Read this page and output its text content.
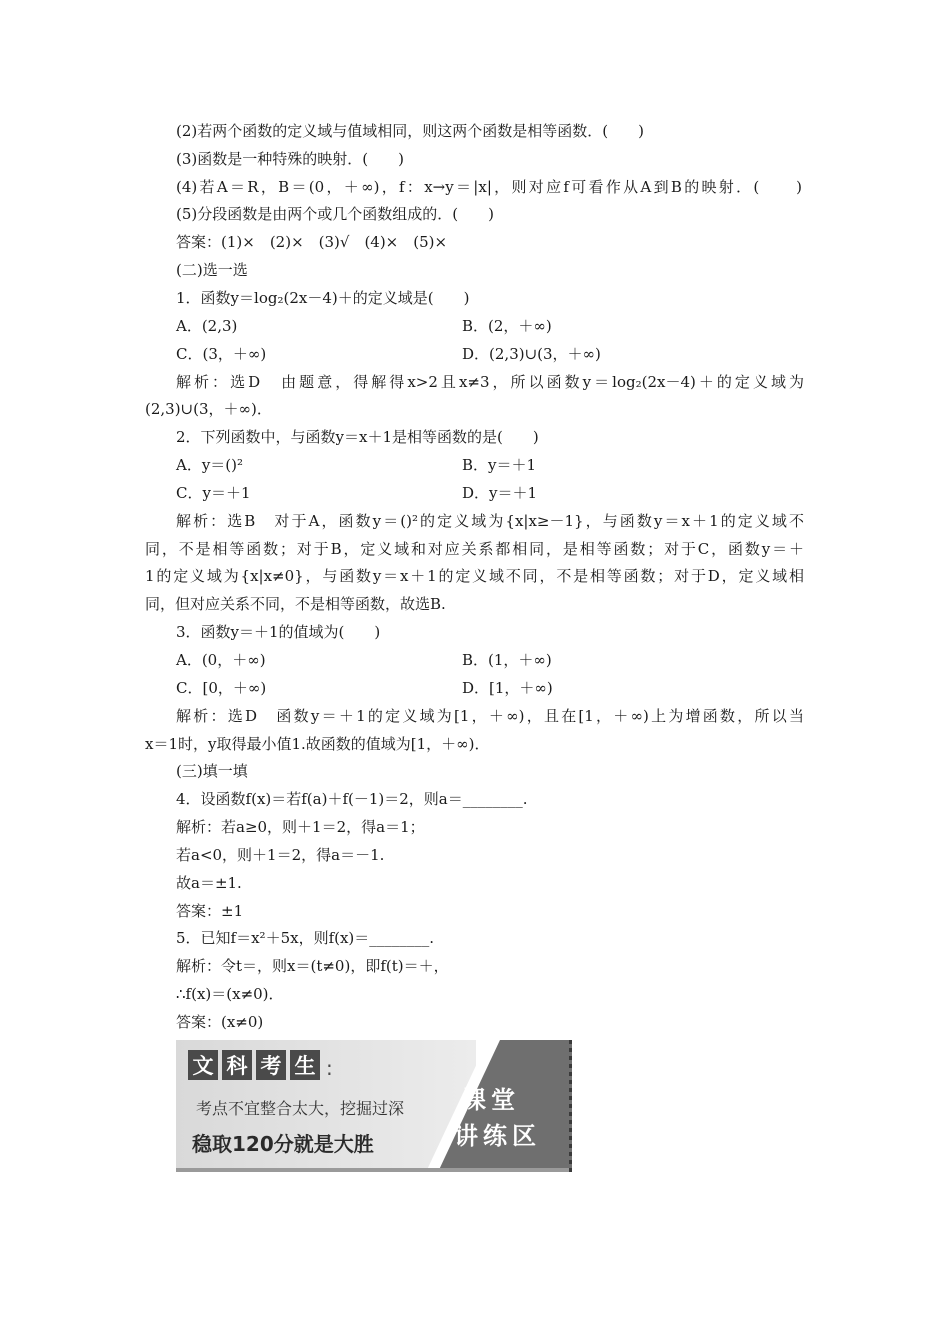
(2)若两个函数的定义域与值域相同，则这两个函数是相等函数．(　　)
(3)函数是一种特殊的映射．(　　)
(4)若A＝R，B＝(0，＋∞)，f：x→y＝|x|，则对应f可看作从A到B的映射．(　　)
(5)分段函数是由两个或几个函数组成的．(　　)
答案：(1)×　(2)×　(3)√　(4)×　(5)×
(二)选一选
1．函数y＝log₂(2x－4)＋的定义域是(　　)
A．(2,3)	B．(2，＋∞)
C．(3，＋∞)	D．(2,3)∪(3，＋∞)
解析：选D　由题意，得解得x>2且x≠3，所以函数y＝log₂(2x－4)＋的定义域为
(2,3)∪(3，＋∞)．
2．下列函数中，与函数y＝x＋1是相等函数的是(　　)
A．y＝()²	B．y＝＋1
C．y＝＋1	D．y＝＋1
解析：选B　对于A，函数y＝()²的定义域为{x|x≥－1}，与函数y＝x＋1的定义域不
同，不是相等函数；对于B，定义域和对应关系都相同，是相等函数；对于C，函数y＝＋
1的定义域为{x|x≠0}，与函数y＝x＋1的定义域不同，不是相等函数；对于D，定义域相
同，但对应关系不同，不是相等函数，故选B.
3．函数y＝＋1的值域为(　　)
A．(0，＋∞)	B．(1，＋∞)
C．[0，＋∞)	D．[1，＋∞)
解析：选D　函数y＝＋1的定义域为[1，＋∞)，且在[1，＋∞)上为增函数，所以当
x＝1时，y取得最小值1.故函数的值域为[1，＋∞)．
(三)填一填
4．设函数f(x)＝若f(a)＋f(－1)＝2，则a＝________.
解析：若a≥0，则＋1＝2，得a＝1；
若a<0，则＋1＝2，得a＝－1.
故a＝±1.
答案：±1
5．已知f＝x²＋5x，则f(x)＝________.
解析：令t＝，则x＝(t≠0)，即f(t)＝＋，
∴f(x)＝(x≠0)．
答案：(x≠0)
文 科 考 生 :
考点不宜整合太大，挖掘过深
稳取120分就是大胜
课堂
讲练区
